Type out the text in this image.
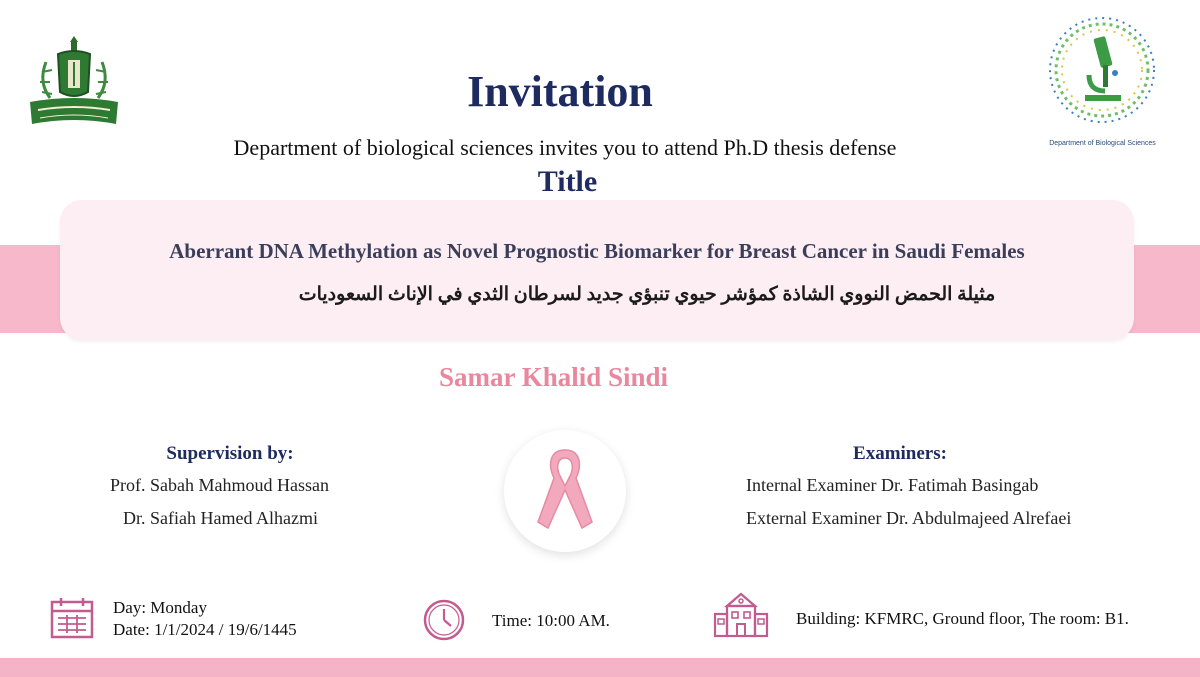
Department of Biological Sciences
Invitation
Department of biological sciences invites you to attend Ph.D thesis defense
Title
Aberrant DNA Methylation as Novel Prognostic Biomarker for Breast Cancer in Saudi Females
مثيلة الحمض النووي الشاذة كمؤشر حيوي تنبؤي جديد لسرطان الثدي في الإناث السعوديات
Samar Khalid Sindi
Supervision by:
Prof. Sabah Mahmoud Hassan
Dr. Safiah Hamed Alhazmi
Examiners:
Internal Examiner Dr. Fatimah Basingab
External Examiner Dr. Abdulmajeed Alrefaei
Day: Monday
Date: 1/1/2024 / 19/6/1445	Time: 10:00 AM.	Building: KFMRC, Ground floor, The room: B1.
